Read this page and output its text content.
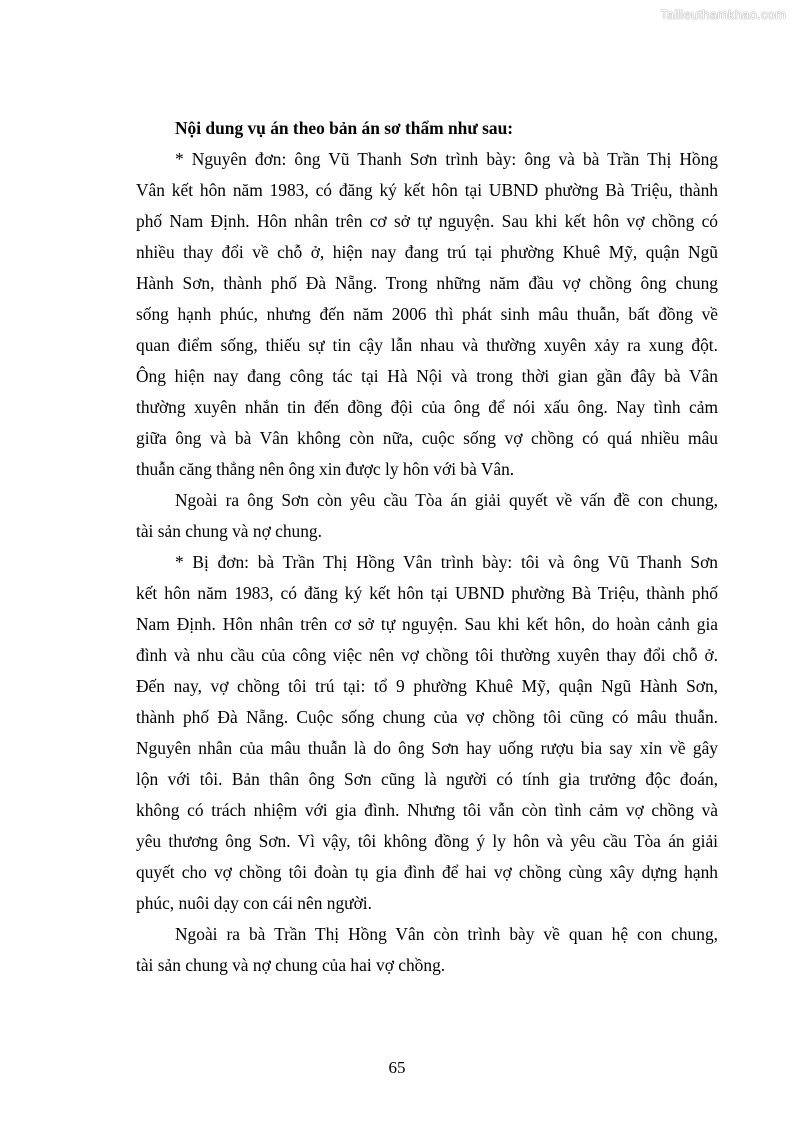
Tailieuthamkhao.com
Nội dung vụ án theo bản án sơ thẩm như sau:
* Nguyên đơn: ông Vũ Thanh Sơn trình bày: ông và bà Trần Thị Hồng
Vân kết hôn năm 1983, có đăng ký kết hôn tại UBND phường Bà Triệu, thành
phố Nam Định. Hôn nhân trên cơ sở tự nguyện. Sau khi kết hôn vợ chồng có
nhiều thay đổi về chỗ ở, hiện nay đang trú tại phường Khuê Mỹ, quận Ngũ
Hành Sơn, thành phố Đà Nẵng. Trong những năm đầu vợ chồng ông chung
sống hạnh phúc, nhưng đến năm 2006 thì phát sinh mâu thuẫn, bất đồng về
quan điểm sống, thiếu sự tin cậy lẫn nhau và thường xuyên xảy ra xung đột.
Ông hiện nay đang công tác tại Hà Nội và trong thời gian gần đây bà Vân
thường xuyên nhắn tin đến đồng đội của ông để nói xấu ông. Nay tình cảm
giữa ông và bà Vân không còn nữa, cuộc sống vợ chồng có quá nhiều mâu
thuẫn căng thẳng nên ông xin được ly hôn với bà Vân.
Ngoài ra ông Sơn còn yêu cầu Tòa án giải quyết về vấn đề con chung,
tài sản chung và nợ chung.
* Bị đơn: bà Trần Thị Hồng Vân trình bày: tôi và ông Vũ Thanh Sơn
kết hôn năm 1983, có đăng ký kết hôn tại UBND phường Bà Triệu, thành phố
Nam Định. Hôn nhân trên cơ sở tự nguyện. Sau khi kết hôn, do hoàn cảnh gia
đình và nhu cầu của công việc nên vợ chồng tôi thường xuyên thay đổi chỗ ở.
Đến nay, vợ chồng tôi trú tại: tổ 9 phường Khuê Mỹ, quận Ngũ Hành Sơn,
thành phố Đà Nẵng. Cuộc sống chung của vợ chồng tôi cũng có mâu thuẫn.
Nguyên nhân của mâu thuẫn là do ông Sơn hay uống rượu bia say xỉn về gây
lộn với tôi. Bản thân ông Sơn cũng là người có tính gia trưởng độc đoán,
không có trách nhiệm với gia đình. Nhưng tôi vẫn còn tình cảm vợ chồng và
yêu thương ông Sơn. Vì vậy, tôi không đồng ý ly hôn và yêu cầu Tòa án giải
quyết cho vợ chồng tôi đoàn tụ gia đình để hai vợ chồng cùng xây dựng hạnh
phúc, nuôi dạy con cái nên người.
Ngoài ra bà Trần Thị Hồng Vân còn trình bày về quan hệ con chung,
tài sản chung và nợ chung của hai vợ chồng.
65
